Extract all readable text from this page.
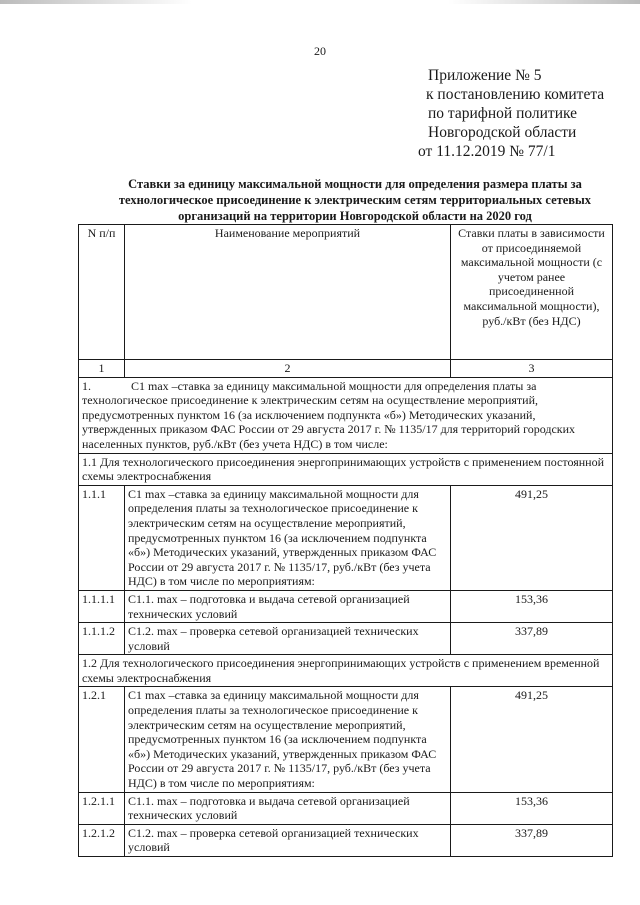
20
Приложение № 5
к постановлению комитета
по тарифной политике
Новгородской области
от 11.12.2019 № 77/1
Ставки за единицу максимальной мощности для определения размера платы за технологическое присоединение к электрическим сетям территориальных сетевых организаций на территории Новгородской области на 2020 год
N п/п	Наименование мероприятий	Ставки платы в зависимости от присоединяемой максимальной мощности (с учетом ранее присоединенной максимальной мощности), руб./кВт (без НДС)
1	2	3
1. С1 max –ставка за единицу максимальной мощности для определения платы за технологическое присоединение к электрическим сетям на осуществление мероприятий, предусмотренных пунктом 16 (за исключением подпункта «б») Методических указаний, утвержденных приказом ФАС России от 29 августа 2017 г. № 1135/17 для территорий городских населенных пунктов, руб./кВт (без учета НДС) в том числе:		
1.1 Для технологического присоединения энергопринимающих устройств с применением постоянной схемы электроснабжения		
1.1.1	С1 max –ставка за единицу максимальной мощности для определения платы за технологическое присоединение к электрическим сетям на осуществление мероприятий, предусмотренных пунктом 16 (за исключением подпункта «б») Методических указаний, утвержденных приказом ФАС России от 29 августа 2017 г. № 1135/17, руб./кВт (без учета НДС) в том числе по мероприятиям:	491,25
1.1.1.1	С1.1. max – подготовка и выдача сетевой организацией технических условий	153,36
1.1.1.2	С1.2. max – проверка сетевой организацией технических условий	337,89
1.2 Для технологического присоединения энергопринимающих устройств с применением временной схемы электроснабжения		
1.2.1	С1 max –ставка за единицу максимальной мощности для определения платы за технологическое присоединение к электрическим сетям на осуществление мероприятий, предусмотренных пунктом 16 (за исключением подпункта «б») Методических указаний, утвержденных приказом ФАС России от 29 августа 2017 г. № 1135/17, руб./кВт (без учета НДС) в том числе по мероприятиям:	491,25
1.2.1.1	С1.1. max – подготовка и выдача сетевой организацией технических условий	153,36
1.2.1.2	С1.2. max – проверка сетевой организацией технических условий	337,89
